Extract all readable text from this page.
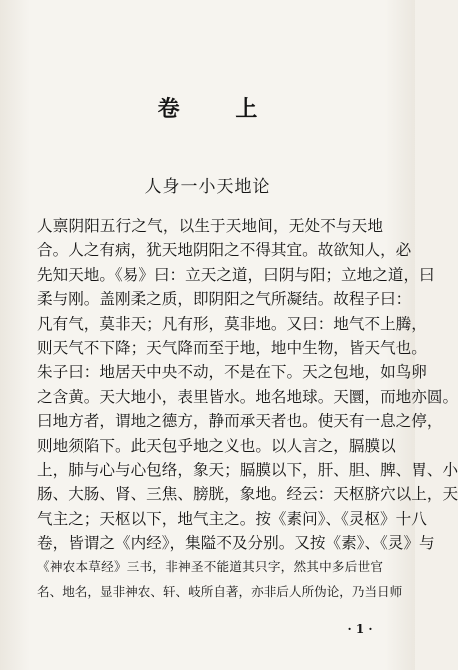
卷 上
人身一小天地论
人禀阴阳五行之气，以生于天地间，无处不与天地
合。人之有病，犹天地阴阳之不得其宜。故欲知人，必
先知天地。《易》曰：立天之道，曰阴与阳；立地之道，曰
柔与刚。盖刚柔之质，即阴阳之气所凝结。故程子曰：
凡有气，莫非天；凡有形，莫非地。又曰：地气不上腾，
则天气不下降；天气降而至于地，地中生物，皆天气也。
朱子曰：地居天中央不动，不是在下。天之包地，如鸟卵
之含黄。天大地小，表里皆水。地名地球。天圜，而地亦圆。
曰地方者，谓地之德方，静而承天者也。使天有一息之停，
则地须陷下。此天包乎地之义也。以人言之，膈膜以
上，肺与心与心包络，象天；膈膜以下，肝、胆、脾、胃、小
肠、大肠、肾、三焦、膀胱，象地。经云：天枢脐穴以上，天
气主之；天枢以下，地气主之。按《素问》、《灵枢》十八
卷，皆谓之《内经》，集隘不及分别。又按《素》、《灵》与
《神农本草经》三书，非神圣不能道其只字，然其中多后世官
名、地名，显非神农、轩、岐所自著，亦非后人所伪论，乃当日师
· 1 ·
